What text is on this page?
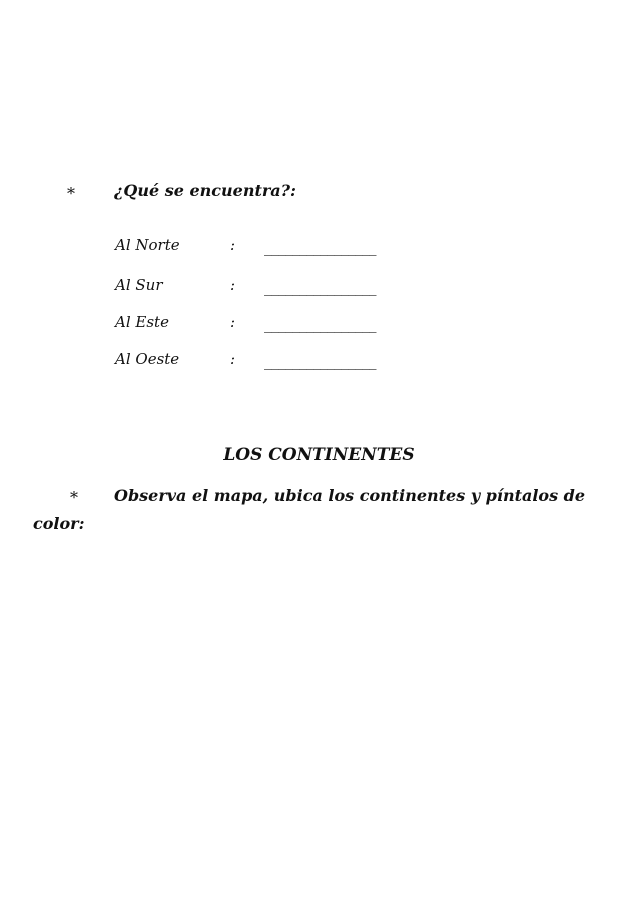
* ¿Qué se encuentra?:
Al Norte	: ________________
Al Sur	: ________________
Al Este	: ________________
Al Oeste	: ________________
LOS CONTINENTES
* Observa el mapa, ubica los continentes y píntalos de
color:
